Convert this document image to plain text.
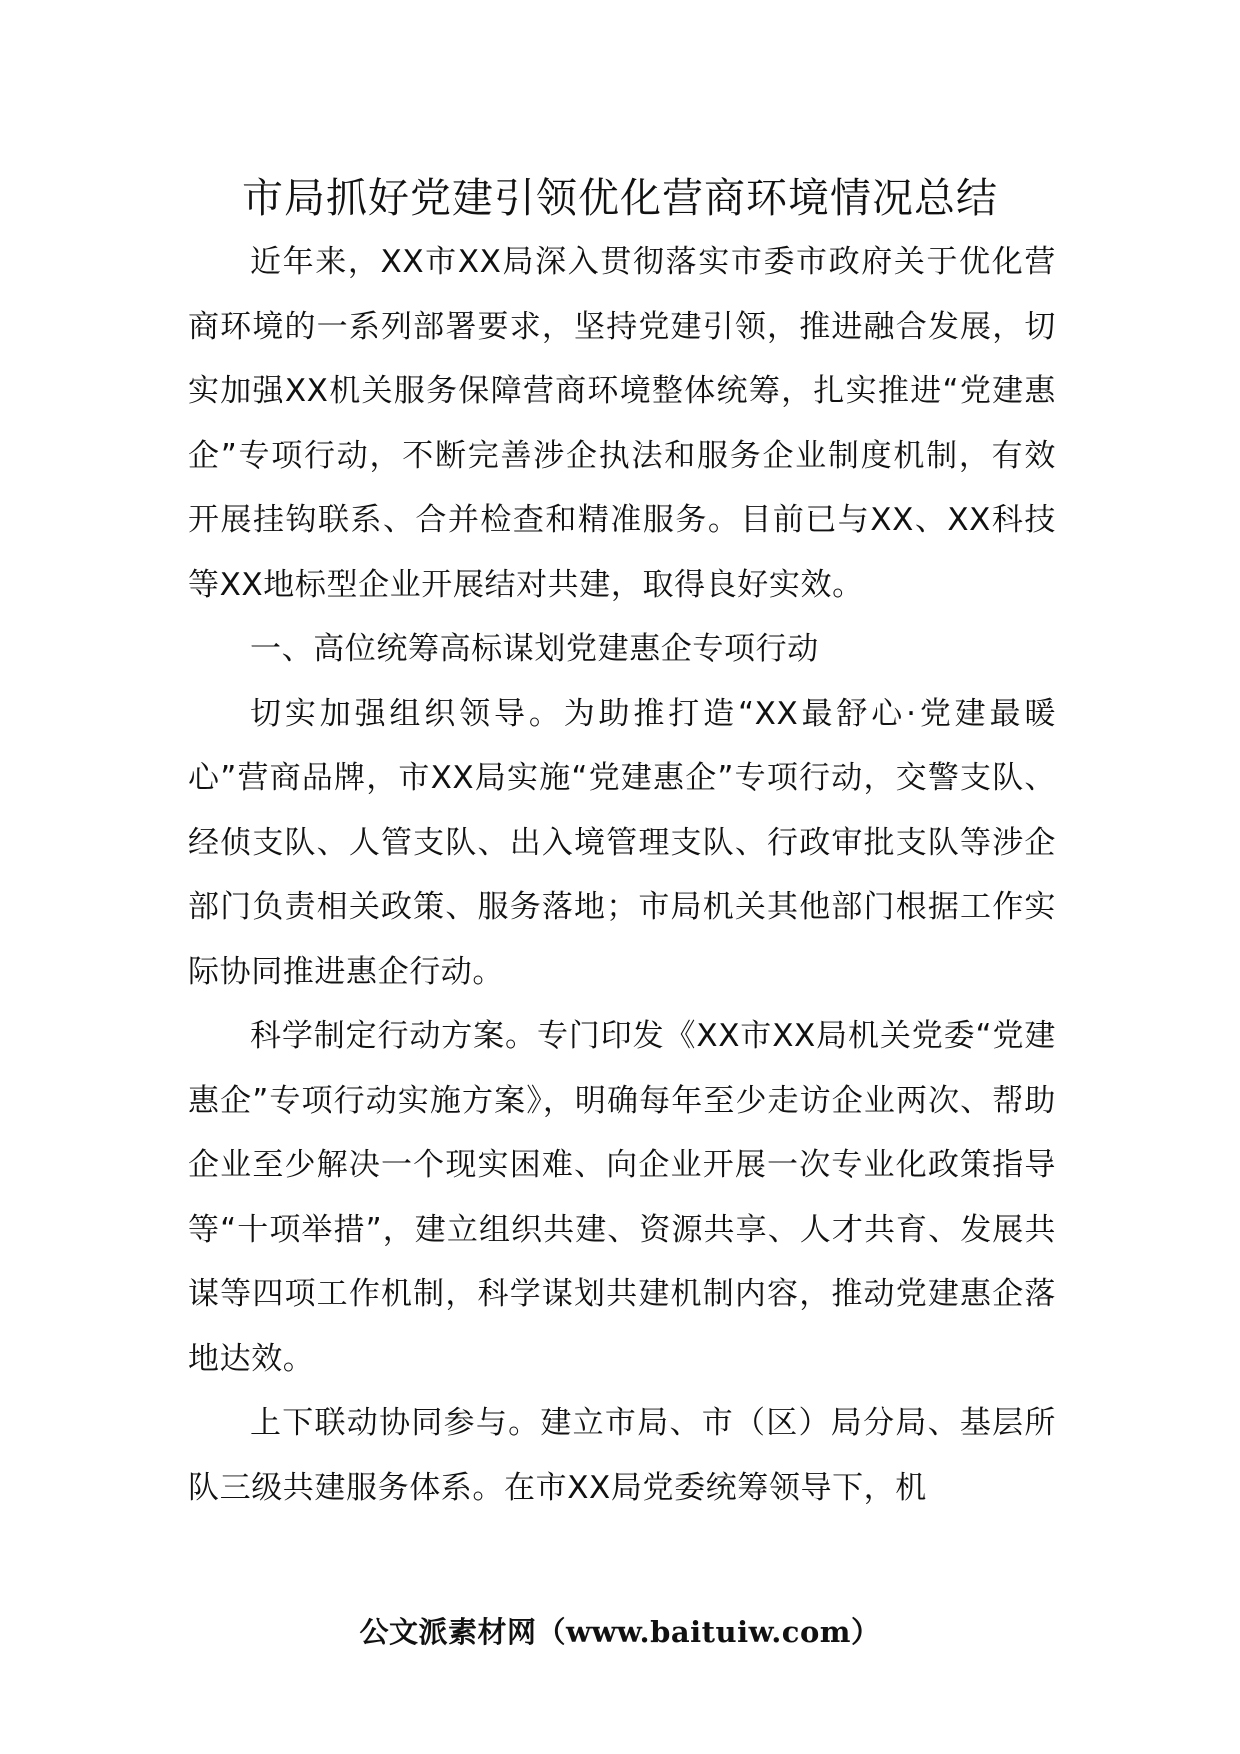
市局抓好党建引领优化营商环境情况总结

近年来，XX市XX局深入贯彻落实市委市政府关于优化营商环境的一系列部署要求，坚持党建引领，推进融合发展，切实加强XX机关服务保障营商环境整体统筹，扎实推进“党建惠企”专项行动，不断完善涉企执法和服务企业制度机制，有效开展挂钩联系、合并检查和精准服务。目前已与XX、XX科技等XX地标型企业开展结对共建，取得良好实效。

一、高位统筹高标谋划党建惠企专项行动

切实加强组织领导。为助推打造“XX最舒心·党建最暖心”营商品牌，市XX局实施“党建惠企”专项行动，交警支队、经侦支队、人管支队、出入境管理支队、行政审批支队等涉企部门负责相关政策、服务落地；市局机关其他部门根据工作实际协同推进惠企行动。

科学制定行动方案。专门印发《XX市XX局机关党委“党建惠企”专项行动实施方案》，明确每年至少走访企业两次、帮助企业至少解决一个现实困难、向企业开展一次专业化政策指导等“十项举措”，建立组织共建、资源共享、人才共育、发展共谋等四项工作机制，科学谋划共建机制内容，推动党建惠企落地达效。

上下联动协同参与。建立市局、市（区）局分局、基层所队三级共建服务体系。在市XX局党委统筹领导下，机

公文派素材网（www.baituiw.com）
